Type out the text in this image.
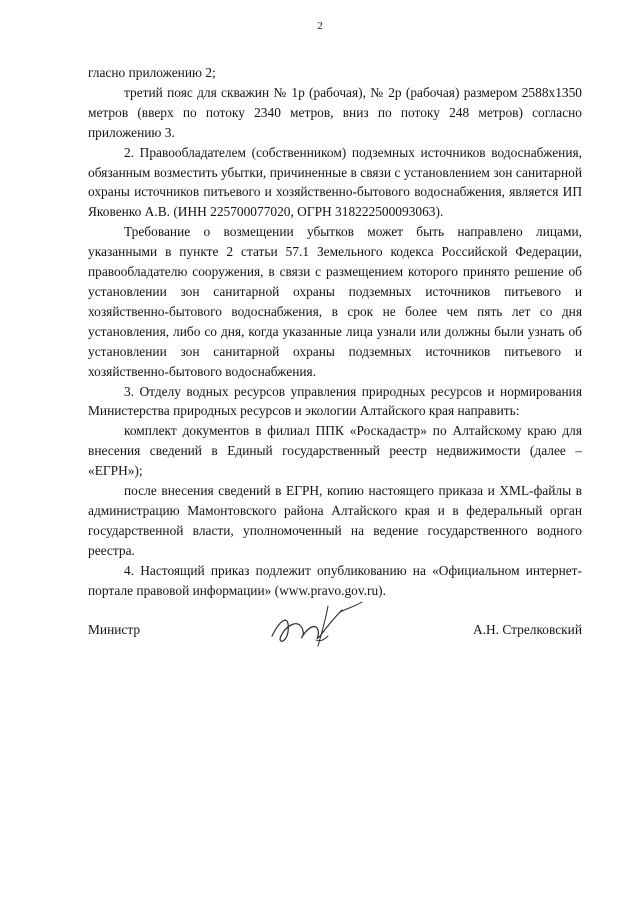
2

гласно приложению 2;

третий пояс для скважин № 1р (рабочая), № 2р (рабочая) размером 2588x1350 метров (вверх по потоку 2340 метров, вниз по потоку 248 метров) согласно приложению 3.

2. Правообладателем (собственником) подземных источников водоснабжения, обязанным возместить убытки, причиненные в связи с установлением зон санитарной охраны источников питьевого и хозяйственно-бытового водоснабжения, является ИП Яковенко А.В. (ИНН 225700077020, ОГРН 318222500093063).

Требование о возмещении убытков может быть направлено лицами, указанными в пункте 2 статьи 57.1 Земельного кодекса Российской Федерации, правообладателю сооружения, в связи с размещением которого принято решение об установлении зон санитарной охраны подземных источников питьевого и хозяйственно-бытового водоснабжения, в срок не более чем пять лет со дня установления, либо со дня, когда указанные лица узнали или должны были узнать об установлении зон санитарной охраны подземных источников питьевого и хозяйственно-бытового водоснабжения.

3. Отделу водных ресурсов управления природных ресурсов и нормирования Министерства природных ресурсов и экологии Алтайского края направить:

комплект документов в филиал ППК «Роскадастр» по Алтайскому краю для внесения сведений в Единый государственный реестр недвижимости (далее – «ЕГРН»);

после внесения сведений в ЕГРН, копию настоящего приказа и XML-файлы в администрацию Мамонтовского района Алтайского края и в федеральный орган государственной власти, уполномоченный на ведение государственного водного реестра.

4. Настоящий приказ подлежит опубликованию на «Официальном интернет-портале правовой информации» (www.pravo.gov.ru).

Министр	А.Н. Стрелковский
